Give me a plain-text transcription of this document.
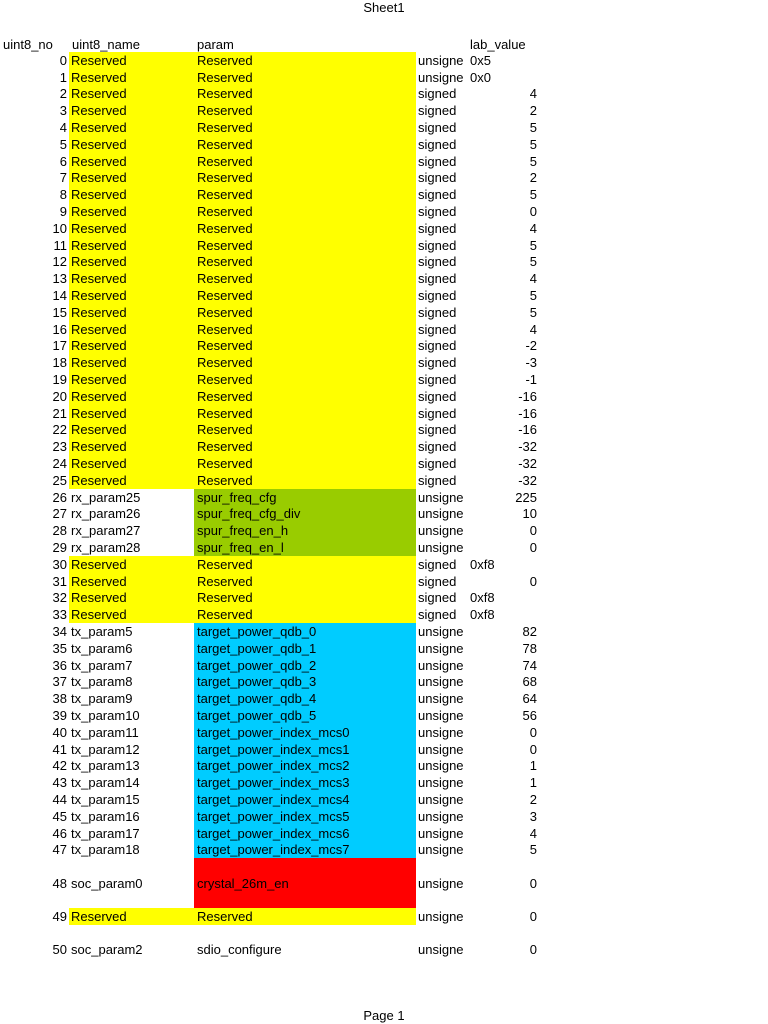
Sheet1
uint8_no uint8_name	param	lab_value
0 Reserved	Reserved	unsigne 0x5
1 Reserved	Reserved	unsigne 0x0
2 Reserved	Reserved	signed	4
3 Reserved	Reserved	signed	2
4 Reserved	Reserved	signed	5
5 Reserved	Reserved	signed	5
6 Reserved	Reserved	signed	5
7 Reserved	Reserved	signed	2
8 Reserved	Reserved	signed	5
9 Reserved	Reserved	signed	0
10 Reserved	Reserved	signed	4
11 Reserved	Reserved	signed	5
12 Reserved	Reserved	signed	5
13 Reserved	Reserved	signed	4
14 Reserved	Reserved	signed	5
15 Reserved	Reserved	signed	5
16 Reserved	Reserved	signed	4
17 Reserved	Reserved	signed	-2
18 Reserved	Reserved	signed	-3
19 Reserved	Reserved	signed	-1
20 Reserved	Reserved	signed	-16
21 Reserved	Reserved	signed	-16
22 Reserved	Reserved	signed	-16
23 Reserved	Reserved	signed	-32
24 Reserved	Reserved	signed	-32
25 Reserved	Reserved	signed	-32
26 rx_param25	spur_freq_cfg	unsigne	225
27 rx_param26	spur_freq_cfg_div	unsigne	10
28 rx_param27	spur_freq_en_h	unsigne	0
29 rx_param28	spur_freq_en_l	unsigne	0
30 Reserved	Reserved	signed	0xf8
31 Reserved	Reserved	signed	0
32 Reserved	Reserved	signed	0xf8
33 Reserved	Reserved	signed	0xf8
34 tx_param5	target_power_qdb_0	unsigne	82
35 tx_param6	target_power_qdb_1	unsigne	78
36 tx_param7	target_power_qdb_2	unsigne	74
37 tx_param8	target_power_qdb_3	unsigne	68
38 tx_param9	target_power_qdb_4	unsigne	64
39 tx_param10	target_power_qdb_5	unsigne	56
40 tx_param11	target_power_index_mcs0	unsigne	0
41 tx_param12	target_power_index_mcs1	unsigne	0
42 tx_param13	target_power_index_mcs2	unsigne	1
43 tx_param14	target_power_index_mcs3	unsigne	1
44 tx_param15	target_power_index_mcs4	unsigne	2
45 tx_param16	target_power_index_mcs5	unsigne	3
46 tx_param17	target_power_index_mcs6	unsigne	4
47 tx_param18	target_power_index_mcs7	unsigne	5
48 soc_param0	crystal_26m_en	unsigne	0
49 Reserved	Reserved	unsigne	0
50 soc_param2	sdio_configure	unsigne	0
Page 1
